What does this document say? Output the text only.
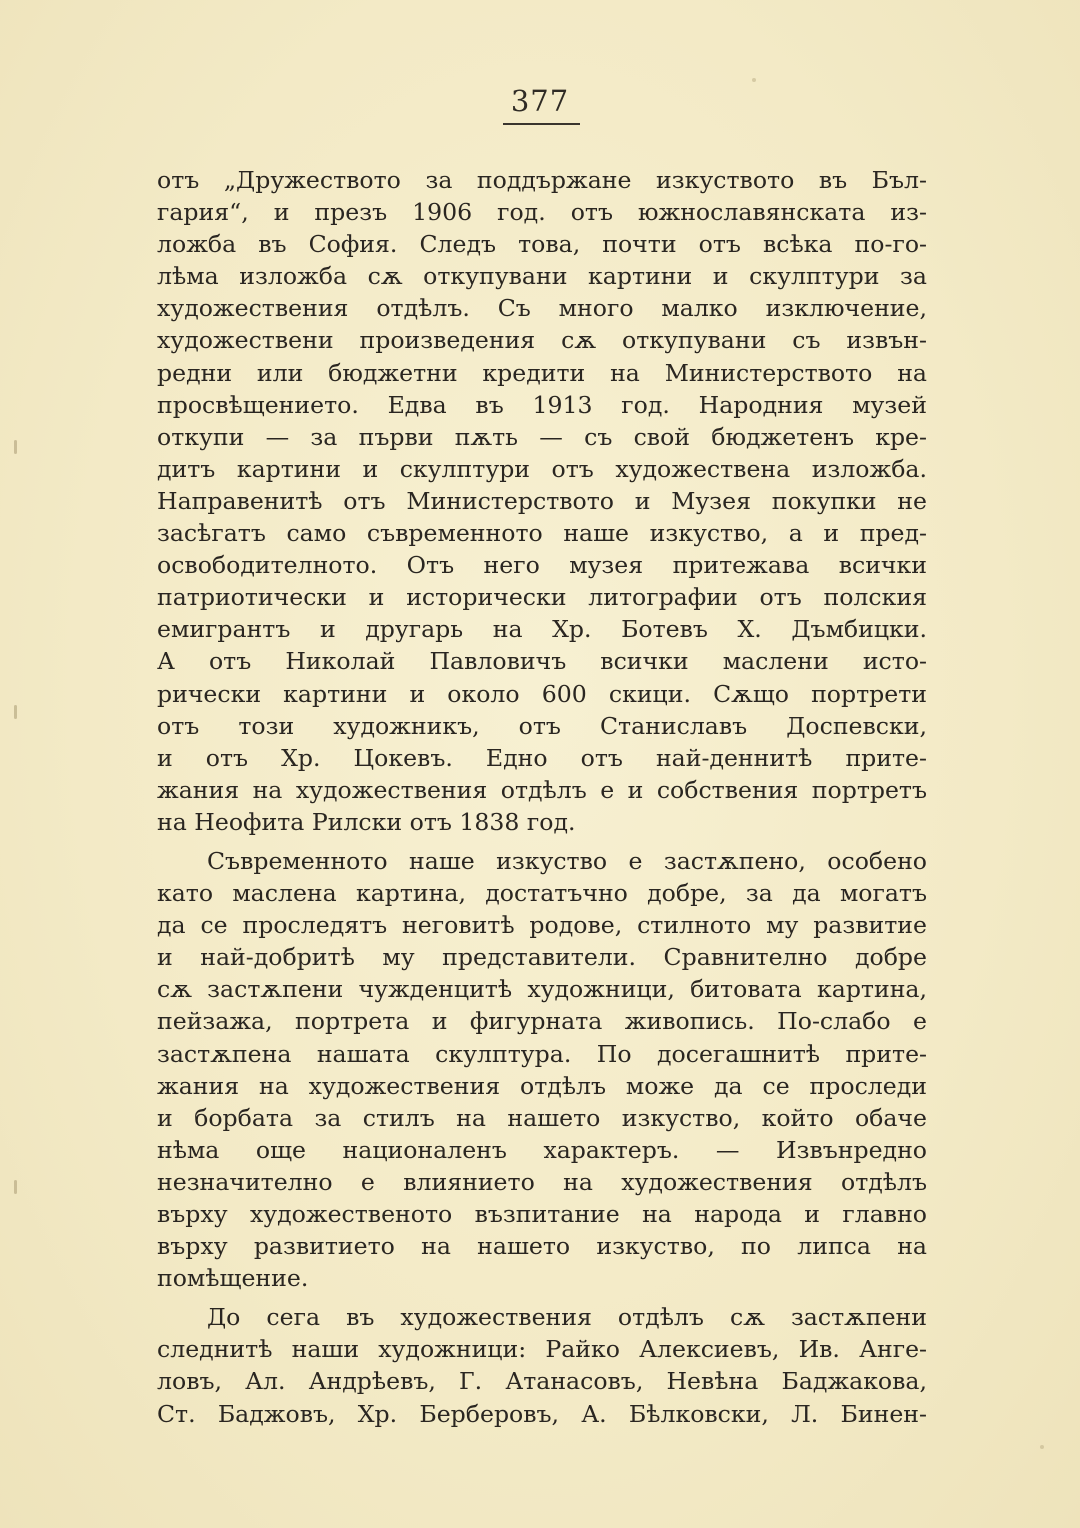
377
отъ „Дружеството за поддържане изкуството въ Бъл-
гария“, и презъ 1906 год. отъ южнославянската из-
ложба въ София. Следъ това, почти отъ всѣка по-го-
лѣма изложба сѫ откупувани картини и скулптури за
художествения отдѣлъ. Съ много малко изключение,
художествени произведения сѫ откупувани съ извън-
редни или бюджетни кредити на Министерството на
просвѣщението. Едва въ 1913 год. Народния музей
откупи — за първи пѫть — съ свой бюджетенъ кре-
дитъ картини и скулптури отъ художествена изложба.
Направенитѣ отъ Министерството и Музея покупки не
засѣгатъ само съвременното наше изкуство, а и пред-
освободителното. Отъ него музея притежава всички
патриотически и исторически литографии отъ полския
емигрантъ и другарь на Хр. Ботевъ Х. Дъмбицки.
А отъ Николай Павловичъ всички маслени исто-
рически картини и около 600 скици. Сѫщо портрети
отъ този художникъ, отъ Станиславъ Доспевски,
и отъ Хр. Цокевъ. Едно отъ най-деннитѣ прите-
жания на художествения отдѣлъ е и собствения портретъ
на Неофита Рилски отъ 1838 год.
Съвременното наше изкуство е застѫпено, особено
като маслена картина, достатъчно добре, за да могатъ
да се проследятъ неговитѣ родове, стилното му развитие
и най-добритѣ му представители. Сравнително добре
сѫ застѫпени чужденцитѣ художници, битовата картина,
пейзажа, портрета и фигурната живопись. По-слабо е
застѫпена нашата скулптура. По досегашнитѣ прите-
жания на художествения отдѣлъ може да се проследи
и борбата за стилъ на нашето изкуство, който обаче
нѣма още националенъ характеръ. — Извънредно
незначително е влиянието на художествения отдѣлъ
върху художественото възпитание на народа и главно
върху развитието на нашето изкуство, по липса на
помѣщение.
До сега въ художествения отдѣлъ сѫ застѫпени
следнитѣ наши художници: Райко Алексиевъ, Ив. Анге-
ловъ, Ал. Андрѣевъ, Г. Атанасовъ, Невѣна Баджакова,
Ст. Баджовъ, Хр. Берберовъ, А. Бѣлковски, Л. Бинен-
